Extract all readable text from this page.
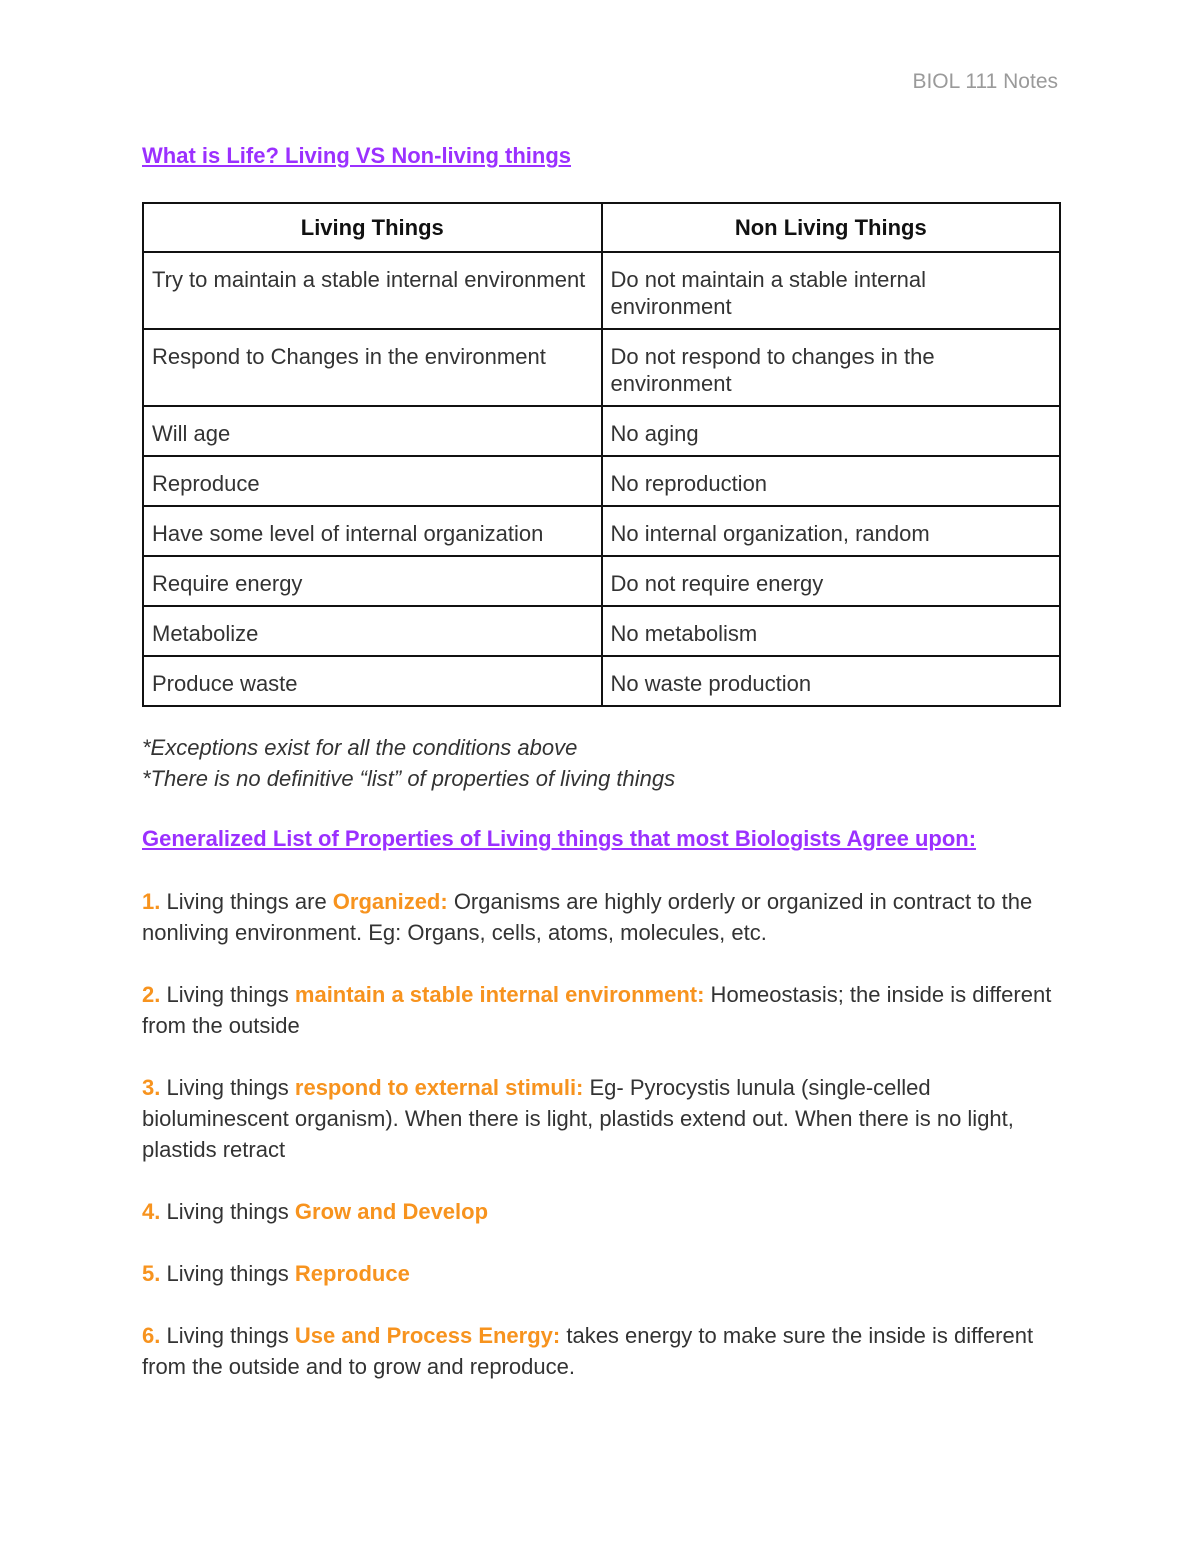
BIOL 111 Notes
What is Life? Living VS Non-living things
Living Things	Non Living Things
Try to maintain a stable internal environment	Do not maintain a stable internal environment
Respond to Changes in the environment	Do not respond to changes in the environment
Will age	No aging
Reproduce	No reproduction
Have some level of internal organization	No internal organization, random
Require energy	Do not require energy
Metabolize	No metabolism
Produce waste	No waste production
*Exceptions exist for all the conditions above
*There is no definitive “list” of properties of living things
Generalized List of Properties of Living things that most Biologists Agree upon:
1. Living things are Organized: Organisms are highly orderly or organized in contract to the nonliving environment. Eg: Organs, cells, atoms, molecules, etc.
2. Living things maintain a stable internal environment: Homeostasis; the inside is different from the outside
3. Living things respond to external stimuli: Eg- Pyrocystis lunula (single-celled bioluminescent organism). When there is light, plastids extend out. When there is no light, plastids retract
4. Living things Grow and Develop
5. Living things Reproduce
6. Living things Use and Process Energy: takes energy to make sure the inside is different from the outside and to grow and reproduce.
